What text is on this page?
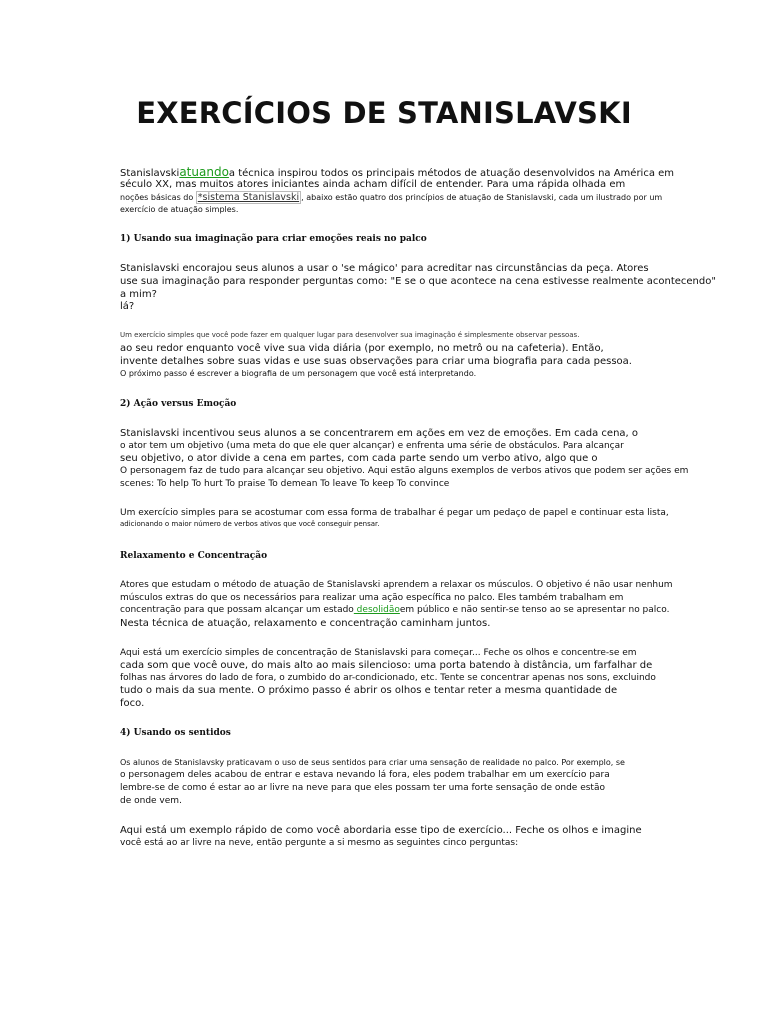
EXERCÍCIOS DE STANISLAVSKI

Stanislavskiatuandoa técnica inspirou todos os principais métodos de atuação desenvolvidos na América em

século XX, mas muitos atores iniciantes ainda acham difícil de entender. Para uma rápida olhada em

noções básicas do *sistema Stanislavski , abaixo estão quatro dos princípios de atuação de Stanislavski, cada um ilustrado por um

exercício de atuação simples.

1) Usando sua imaginação para criar emoções reais no palco

Stanislavski encorajou seus alunos a usar o 'se mágico' para acreditar nas circunstâncias da peça. Atores

use sua imaginação para responder perguntas como: "E se o que acontece na cena estivesse realmente acontecendo"

a mim?

lá?

Um exercício simples que você pode fazer em qualquer lugar para desenvolver sua imaginação é simplesmente observar pessoas.

ao seu redor enquanto você vive sua vida diária (por exemplo, no metrô ou na cafeteria). Então,

invente detalhes sobre suas vidas e use suas observações para criar uma biografia para cada pessoa.

O próximo passo é escrever a biografia de um personagem que você está interpretando.

2) Ação versus Emoção

Stanislavski incentivou seus alunos a se concentrarem em ações em vez de emoções. Em cada cena, o

o ator tem um objetivo (uma meta do que ele quer alcançar) e enfrenta uma série de obstáculos. Para alcançar

seu objetivo, o ator divide a cena em partes, com cada parte sendo um verbo ativo, algo que o

O personagem faz de tudo para alcançar seu objetivo. Aqui estão alguns exemplos de verbos ativos que podem ser ações em

scenes: To help To hurt To praise To demean To leave To keep To convince

Um exercício simples para se acostumar com essa forma de trabalhar é pegar um pedaço de papel e continuar esta lista,

adicionando o maior número de verbos ativos que você conseguir pensar.

Relaxamento e Concentração

Atores que estudam o método de atuação de Stanislavski aprendem a relaxar os músculos. O objetivo é não usar nenhum

músculos extras do que os necessários para realizar uma ação específica no palco. Eles também trabalham em

concentração para que possam alcançar um estado desolidãoem público e não sentir-se tenso ao se apresentar no palco.

Nesta técnica de atuação, relaxamento e concentração caminham juntos.

Aqui está um exercício simples de concentração de Stanislavski para começar... Feche os olhos e concentre-se em

cada som que você ouve, do mais alto ao mais silencioso: uma porta batendo à distância, um farfalhar de

folhas nas árvores do lado de fora, o zumbido do ar-condicionado, etc. Tente se concentrar apenas nos sons, excluindo

tudo o mais da sua mente. O próximo passo é abrir os olhos e tentar reter a mesma quantidade de

foco.

4) Usando os sentidos

Os alunos de Stanislavsky praticavam o uso de seus sentidos para criar uma sensação de realidade no palco. Por exemplo, se

o personagem deles acabou de entrar e estava nevando lá fora, eles podem trabalhar em um exercício para

lembre-se de como é estar ao ar livre na neve para que eles possam ter uma forte sensação de onde estão

de onde vem.

Aqui está um exemplo rápido de como você abordaria esse tipo de exercício... Feche os olhos e imagine

você está ao ar livre na neve, então pergunte a si mesmo as seguintes cinco perguntas:
